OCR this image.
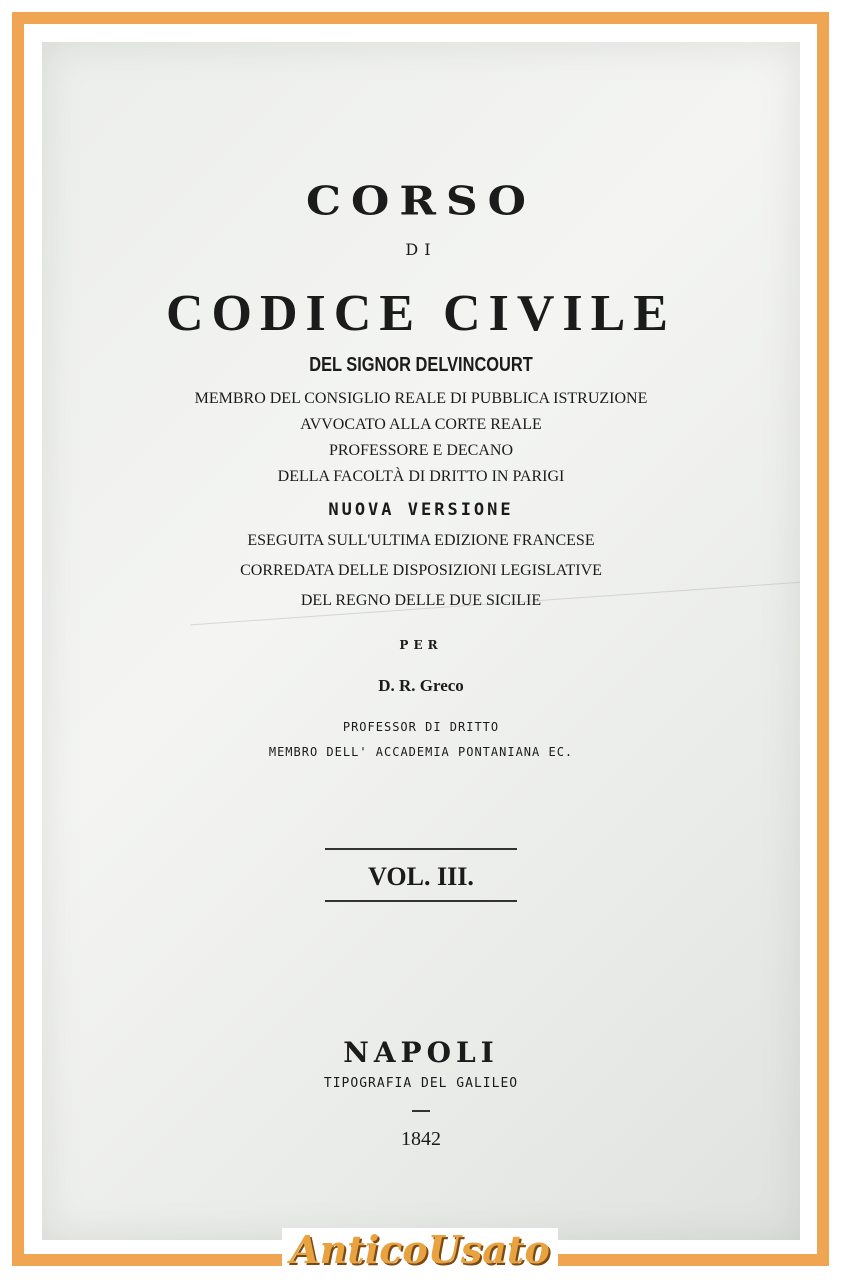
CORSO
DI
CODICE CIVILE
DEL SIGNOR DELVINCOURT
MEMBRO DEL CONSIGLIO REALE DI PUBBLICA ISTRUZIONE
AVVOCATO ALLA CORTE REALE
PROFESSORE E DECANO
DELLA FACOLTÀ DI DRITTO IN PARIGI
NUOVA VERSIONE
ESEGUITA SULL'ULTIMA EDIZIONE FRANCESE
CORREDATA DELLE DISPOSIZIONI LEGISLATIVE
DEL REGNO DELLE DUE SICILIE
PER
D. R. Greco
PROFESSOR DI DRITTO
MEMBRO DELL' ACCADEMIA PONTANIANA EC.
VOL. III.
NAPOLI
TIPOGRAFIA DEL GALILEO
1842
AnticoUsato
